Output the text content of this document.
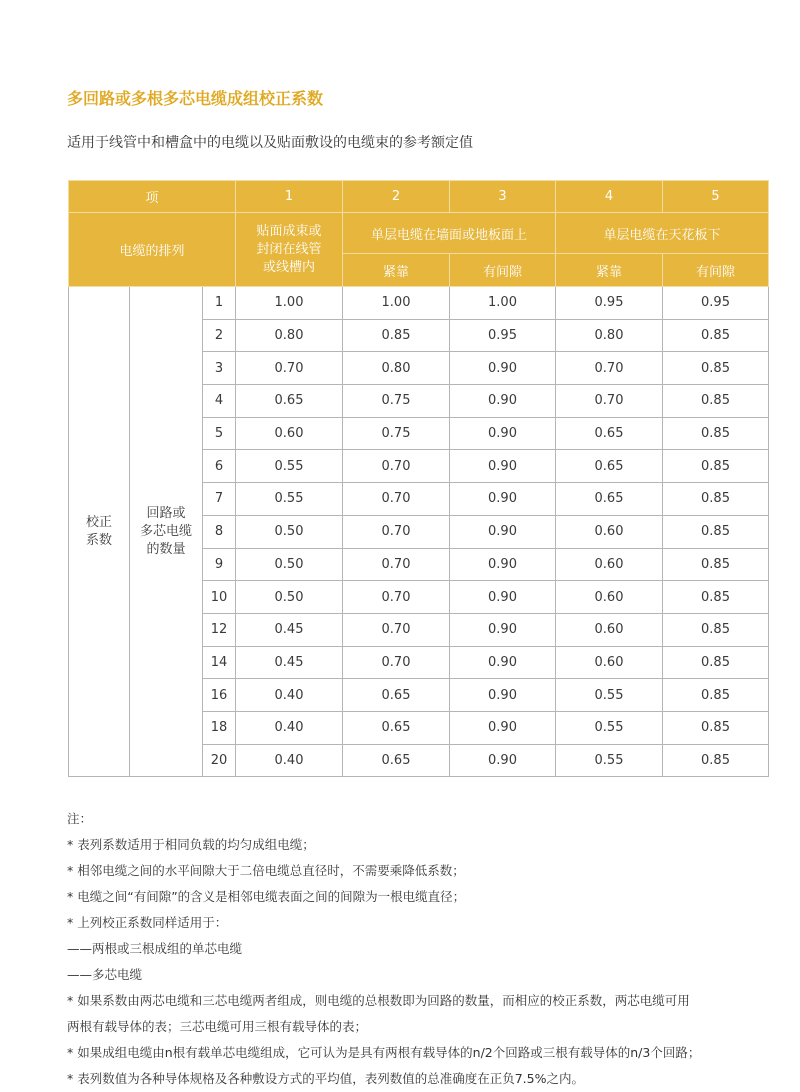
多回路或多根多芯电缆成组校正系数
适用于线管中和槽盒中的电缆以及贴面敷设的电缆束的参考额定值
项			1	2	3	4	5
电缆的排列			贴面成束或
封闭在线管
或线槽内	单层电缆在墙面或地板面上		单层电缆在天花板下	
				紧靠	有间隙	紧靠	有间隙
校正
系数	回路或
多芯电缆
的数量	1	1.00	1.00	1.00	0.95	0.95
		2	0.80	0.85	0.95	0.80	0.85
		3	0.70	0.80	0.90	0.70	0.85
		4	0.65	0.75	0.90	0.70	0.85
		5	0.60	0.75	0.90	0.65	0.85
		6	0.55	0.70	0.90	0.65	0.85
		7	0.55	0.70	0.90	0.65	0.85
		8	0.50	0.70	0.90	0.60	0.85
		9	0.50	0.70	0.90	0.60	0.85
		10	0.50	0.70	0.90	0.60	0.85
		12	0.45	0.70	0.90	0.60	0.85
		14	0.45	0.70	0.90	0.60	0.85
		16	0.40	0.65	0.90	0.55	0.85
		18	0.40	0.65	0.90	0.55	0.85
		20	0.40	0.65	0.90	0.55	0.85
注：
* 表列系数适用于相同负载的均匀成组电缆；
* 相邻电缆之间的水平间隙大于二倍电缆总直径时，不需要乘降低系数；
* 电缆之间“有间隙”的含义是相邻电缆表面之间的间隙为一根电缆直径；
* 上列校正系数同样适用于：
——两根或三根成组的单芯电缆
——多芯电缆
* 如果系数由两芯电缆和三芯电缆两者组成，则电缆的总根数即为回路的数量，而相应的校正系数，两芯电缆可用
两根有载导体的表；三芯电缆可用三根有载导体的表；
* 如果成组电缆由n根有载单芯电缆组成，它可认为是具有两根有载导体的n/2个回路或三根有载导体的n/3个回路；
* 表列数值为各种导体规格及各种敷设方式的平均值，表列数值的总准确度在正负7.5%之内。
